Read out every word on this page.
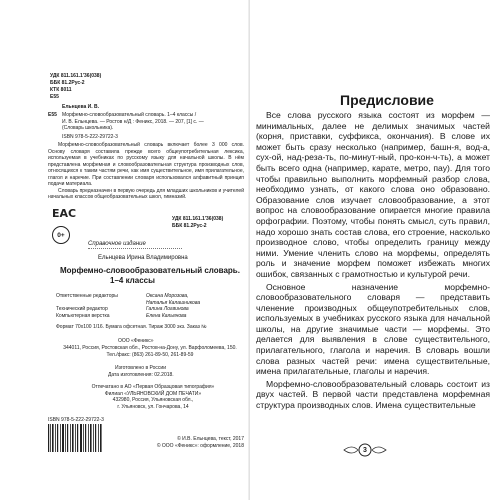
УДК 811.161.1'36(038)
ББК 81.2Рус-2
КТК 8011
Е55
Ельнцева И. В.
Е55 Морфемно-словообразовательный словарь. 1–4 классы /
И. В. Ельнцева. — Ростов н/Д : Феникс, 2018. — 207, [1] с. —
(Словарь школьника).
ISBN 978-5-222-29722-3

Морфемно-словообразовательный словарь включает более 3 000 слов. Основу словаря составила прежде всего общеупотребительная лексика, используемая в учебниках по русскому языку для начальной школы. В нём представлена морфемная и словообразовательная структура производных слов, относящихся к таким частям речи, как имя существительное, имя прилагательное, глагол и наречие. При составлении словаря использовался алфавитный принцип подачи материала.

Словарь предназначен в первую очередь для младших школьников и учителей начальных классов общеобразовательных школ, гимназий.

УДК 811.161.1'36(038)
ББК 81.2Рус-2
0+
EAC
Справочное издание
Ельнцева Ирина Владимировна
Морфемно-словообразовательный словарь.
1–4 классы
Ответственные редакторы	Оксана Морозова,
Наталья Калашникова
Технический редактор	Галина Логвинова
Компьютерная верстка	Елена Кальянова
Формат 70x100 1/16. Бумага офсетная. Тираж 3000 экз. Заказ №
ООО «Феникс»
344011, Россия, Ростовская обл., Ростов-на-Дону, ул. Варфоломеева, 150.
Тел./факс: (863) 261-89-50, 261-89-59
Изготовлено в России
Дата изготовления: 02.2018.
Отпечатано в АО «Первая Образцовая типография»
Филиал «УЛЬЯНОВСКИЙ ДОМ ПЕЧАТИ»
432980, Россия, Ульяновская обл.,
г. Ульяновск, ул. Гончарова, 14
ISBN 978-5-222-29722-3
© И.В. Ельнцева, текст, 2017
© ООО «Феникс»: оформление, 2018
Предисловие

Все слова русского языка состоят из морфем — минимальных, далее не делимых значимых частей (корня, приставки, суффикса, окончания). В слове их может быть сразу несколько (например, башн-я, вод-а, сух-ой, над-реза-ть, по-минут-ный, про-кон-ч-ть), а может быть всего одна (например, карате, метро, пау). Для того чтобы правильно выполнить морфемный разбор слова, необходимо узнать, от какого слова оно образовано. Образование слов изучает словообразование, а этот вопрос на словообразование опирается многие правила орфографии. Поэтому, чтобы понять смысл, суть правил, надо хорошо знать состав слова, его строение, насколько производное слово, чтобы определить границу между ними. Умение членить слово на морфемы, определять роль и значение морфем поможет избежать многих ошибок, связанных с грамотностью и культурой речи.

Основное назначение морфемно-словообразовательного словаря — представить членение производных общеупотребительных слов, используемых в учебниках русского языка для начальной школы, на другие значимые части — морфемы. Это делается для выявления в слове существительного, прилагательного, глагола и наречия. В словарь вошли слова разных частей речи: имена существительные, имена прилагательные, глаголы и наречия.

Морфемно-словообразовательный словарь состоит из двух частей. В первой части представлена морфемная структура производных слов. Имена существительные

3
